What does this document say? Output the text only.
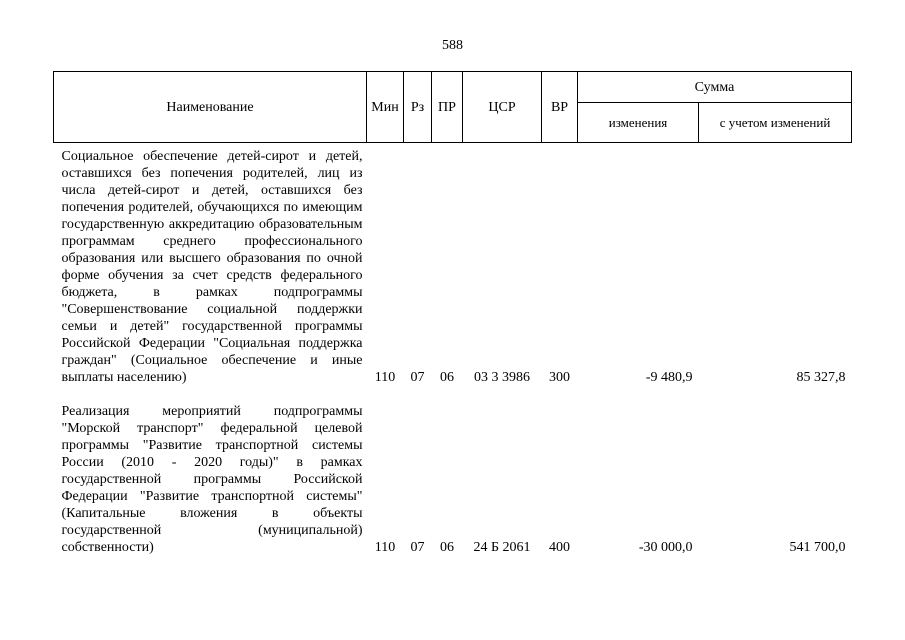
588
Наименование	Мин	Рз	ПР	ЦСР	ВР	Сумма	
						изменения	с учетом изменений
Социальное обеспечение детей-сирот и детей, оставшихся без попечения родителей, лиц из числа детей-сирот и детей, оставшихся без попечения родителей, обучающихся по имеющим государственную аккредитацию образовательным программам среднего профессионального образования или высшего образования по очной форме обучения за счет средств федерального бюджета, в рамках подпрограммы "Совершенствование социальной поддержки семьи и детей" государственной программы Российской Федерации "Социальная поддержка граждан" (Социальное обеспечение и иные выплаты населению)	110	07	06	03 3 3986	300	-9 480,9	85 327,8
Реализация мероприятий подпрограммы "Морской транспорт" федеральной целевой программы "Развитие транспортной системы России (2010 - 2020 годы)" в рамках государственной программы Российской Федерации "Развитие транспортной системы" (Капитальные вложения в объекты государственной (муниципальной) собственности)	110	07	06	24 Б 2061	400	-30 000,0	541 700,0
